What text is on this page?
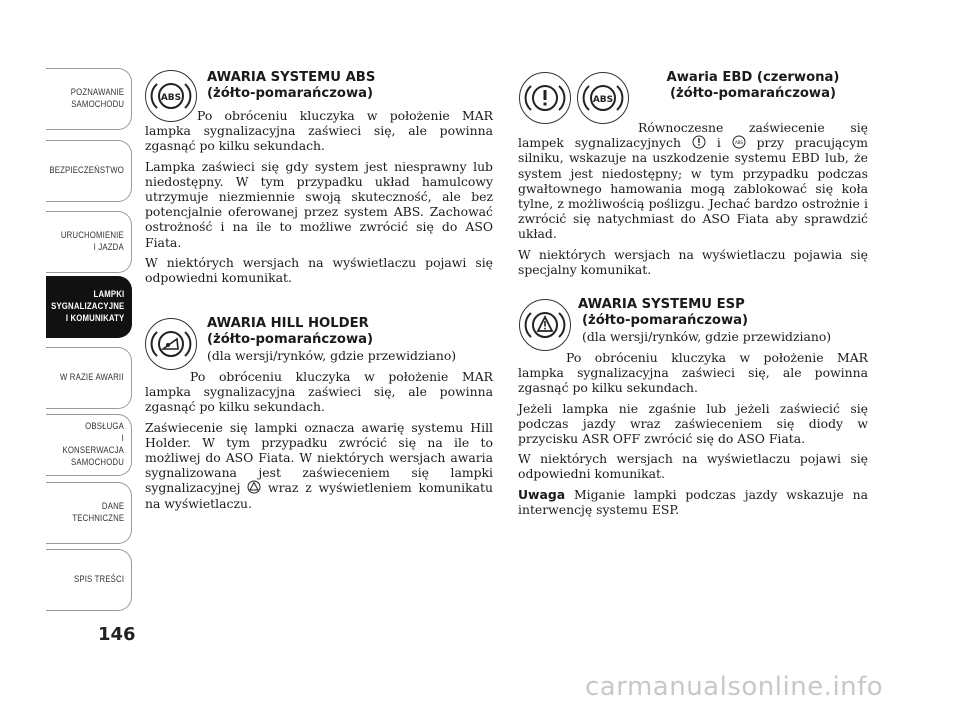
POZNAWANIE
SAMOCHODU
BEZPIECZEŃSTWO
URUCHOMIENIE
I JAZDA
LAMPKI
SYGNALIZACYJNE
I KOMUNIKATY
W RAZIE AWARII
OBSŁUGA
I KONSERWACJA
SAMOCHODU
DANE
TECHNICZNE
SPIS TREŚCI
146
ABS
AWARIA SYSTEMU ABS
(żółto-pomarańczowa)

Po obróceniu kluczyka w położenie MAR lampka sygnalizacyjna zaświeci się, ale powinna zgasnąć po kilku sekundach.

Lampka zaświeci się gdy system jest niesprawny lub niedostępny. W tym przypadku układ hamulcowy utrzymuje niezmiennie swoją skuteczność, ale bez potencjalnie oferowanej przez system ABS. Zachować ostrożność i na ile to możliwe zwrócić się do ASO Fiata.

W niektórych wersjach na wyświetlaczu pojawi się odpowiedni komunikat.

AWARIA HILL HOLDER
(żółto-pomarańczowa)
(dla wersji/rynków, gdzie przewidziano)

Po obróceniu kluczyka w położenie MAR lampka sygnalizacyjna zaświeci się, ale powinna zgasnąć po kilku sekundach.

Zaświecenie się lampki oznacza awarię systemu Hill Holder. W tym przypadku zwrócić się na ile to możliwej do ASO Fiata. W niektórych wersjach awaria sygnalizowana jest zaświeceniem się lampki sygnalizacyjnej wraz z wyświetleniem komunikatu na wyświetlaczu.

ABS
Awaria EBD (czerwona)
(żółto-pomarańczowa)

Równoczesne zaświecenie się lampek sygnalizacyjnych	i	ABS przy pracującym silniku, wskazuje na uszkodzenie systemu EBD lub, że system jest niedostępny; w tym przypadku podczas gwałtownego hamowania mogą zablokować się koła tylne, z możliwością poślizgu. Jechać bardzo ostrożnie i zwrócić się natychmiast do ASO Fiata aby sprawdzić układ.

W niektórych wersjach na wyświetlaczu pojawia się specjalny komunikat.

AWARIA SYSTEMU ESP
(żółto-pomarańczowa)
(dla wersji/rynków, gdzie przewidziano)

Po obróceniu kluczyka w położenie MAR lampka sygnalizacyjna zaświeci się, ale powinna zgasnąć po kilku sekundach.

Jeżeli lampka nie zgaśnie lub jeżeli zaświecić się podczas jazdy wraz zaświeceniem się diody w przycisku ASR OFF zwrócić się do ASO Fiata.

W niektórych wersjach na wyświetlaczu pojawi się odpowiedni komunikat.

Uwaga Miganie lampki podczas jazdy wskazuje na interwencję systemu ESP.

carmanualsonline.info
